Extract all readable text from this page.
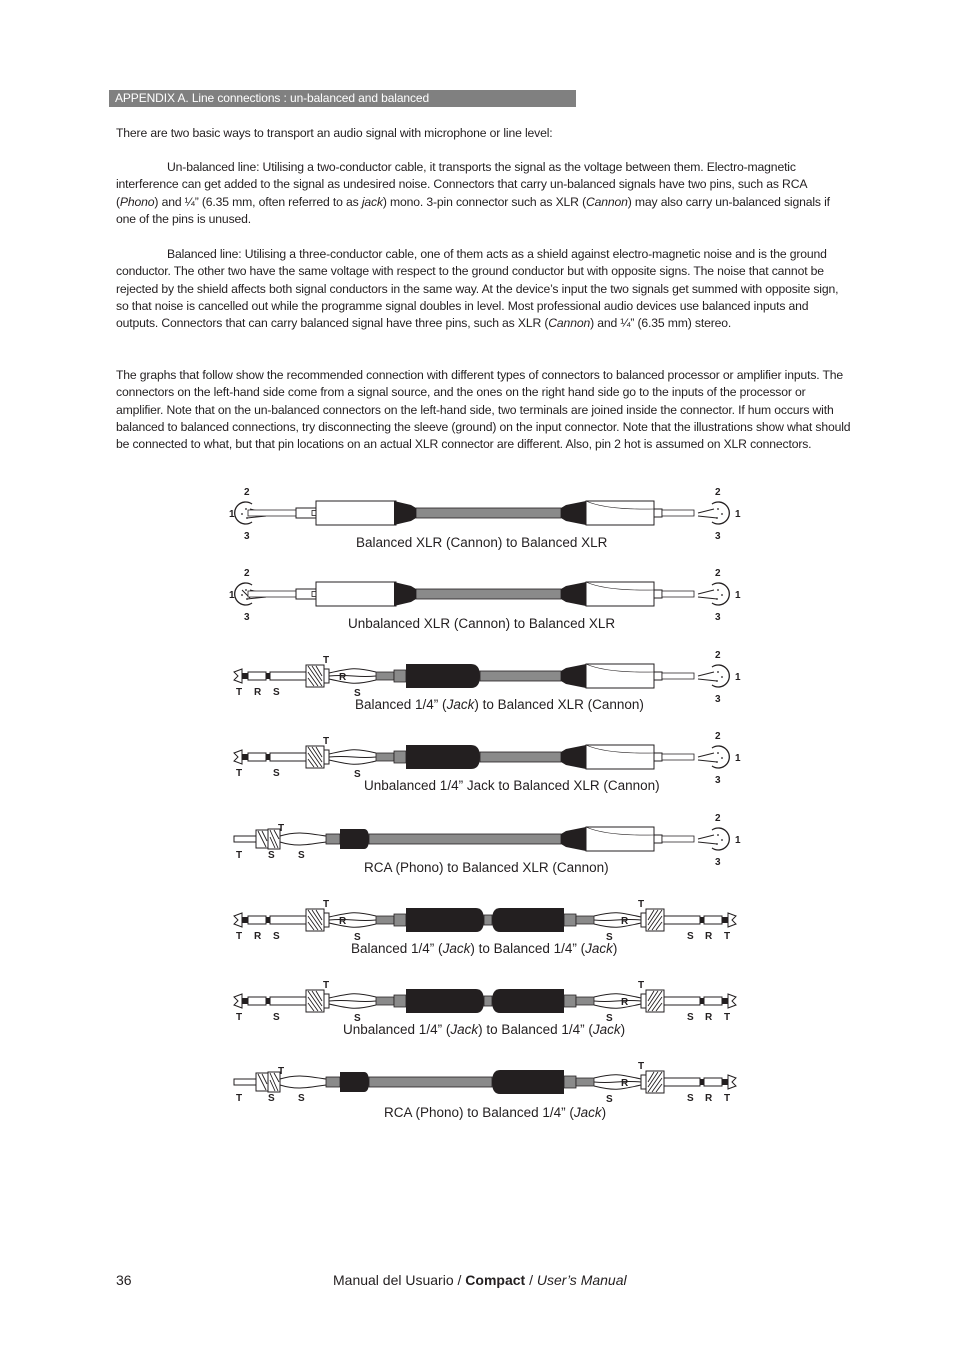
APPENDIX A. Line connections : un-balanced and balanced

There are two basic ways to transport an audio signal with microphone or line level:

Un-balanced line: Utilising a two-conductor cable, it transports the signal as the voltage between them. Electro-magnetic interference can get added to the signal as undesired noise. Connectors that carry un-balanced signals have two pins, such as RCA (Phono) and ¼” (6.35 mm, often referred to as jack) mono. 3-pin connector such as XLR (Cannon) may also carry un-balanced signals if one of the pins is unused.

Balanced line: Utilising a three-conductor cable, one of them acts as a shield against electro-magnetic noise and is the ground conductor. The other two have the same voltage with respect to the ground conductor but with opposite signs. The noise that cannot be rejected by the shield affects both signal conductors in the same way. At the device’s input the two signals get summed with opposite sign, so that noise is cancelled out while the programme signal doubles in level. Most professional audio devices use balanced inputs and outputs. Connectors that can carry balanced signal have three pins, such as XLR (Cannon) and ¼” (6.35 mm) stereo.

The graphs that follow show the recommended connection with different types of connectors to balanced processor or amplifier inputs. The connectors on the left-hand side come from a signal source, and the ones on the right hand side go to the inputs of the processor or amplifier. Note that on the un-balanced connectors on the left-hand side, two terminals are joined inside the connector. If hum occurs with balanced to balanced connections, try disconnecting the sleeve (ground) on the input connector. Note that the illustrations show what should be connected to what, but that pin locations on an actual XLR connector are different. Also, pin 2 hot is assumed on XLR connectors.

2
1
3
2
1
3
Balanced XLR (Cannon) to Balanced XLR
2
1
3
2
1
3
Unbalanced XLR (Cannon) to Balanced XLR
T
R
S
T R S
2
1
3
Balanced 1/4” (Jack) to Balanced XLR (Cannon)
T
S
T	S
2
1
3
Unbalanced 1/4” Jack to Balanced XLR (Cannon)
T
T	S S
2
1
3
RCA (Phono) to Balanced XLR (Cannon)
T
R
S
T R S
T
R
S	S R T
Balanced 1/4” (Jack) to Balanced 1/4” (Jack)
T
S
T	S
T
R
S	S R T
Unbalanced 1/4” (Jack) to Balanced 1/4” (Jack)
T
T	S S
T
R
S	S R T
RCA (Phono) to Balanced 1/4” (Jack)
36	Manual del Usuario / Compact / User’s Manual
